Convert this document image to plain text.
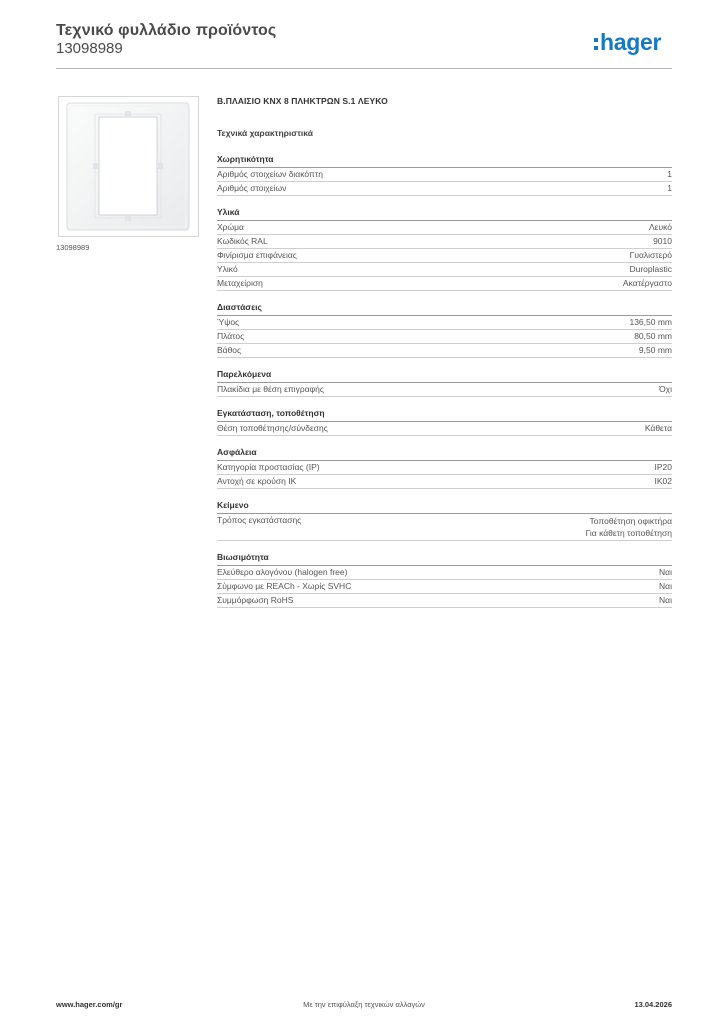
Τεχνικό φυλλάδιο προϊόντος
13098989	hager
13098989
Β.ΠΛΑΙΣΙΟ KNX 8 ΠΛΗΚΤΡΩΝ S.1 ΛΕΥΚΟ
Τεχνικά χαρακτηριστικά
Χωρητικότητα
Αριθμός στοιχείων διακόπτη	1
Αριθμός στοιχείων	1
Υλικά
Χρώμα	Λευκό
Κωδικός RAL	9010
Φινίρισμα επιφάνειας	Γυαλιστερό
Υλικό	Duroplastic
Μεταχείριση	Ακατέργαστο
Διαστάσεις
Ύψος	136,50 mm
Πλάτος	80,50 mm
Βάθος	9,50 mm
Παρελκόμενα
Πλακίδια με θέση επιγραφής	Όχι
Εγκατάσταση, τοποθέτηση
Θέση τοποθέτησης/σύνδεσης	Κάθετα
Ασφάλεια
Κατηγορία προστασίας (IP)	IP20
Αντοχή σε κρούση IK	IK02
Κείμενο
Τρόπος εγκατάστασης	Τοποθέτηση οφικτήρα
Για κάθετη τοποθέτηση
Βιωσιμότητα
Ελεύθερο αλογόνου (halogen free)	Ναι
Σύμφωνο με REACh - Χωρίς SVHC	Ναι
Συμμόρφωση RoHS	Ναι
www.hager.com/gr	Με την επιφύλαξη τεχνικών αλλαγών	13.04.2026
